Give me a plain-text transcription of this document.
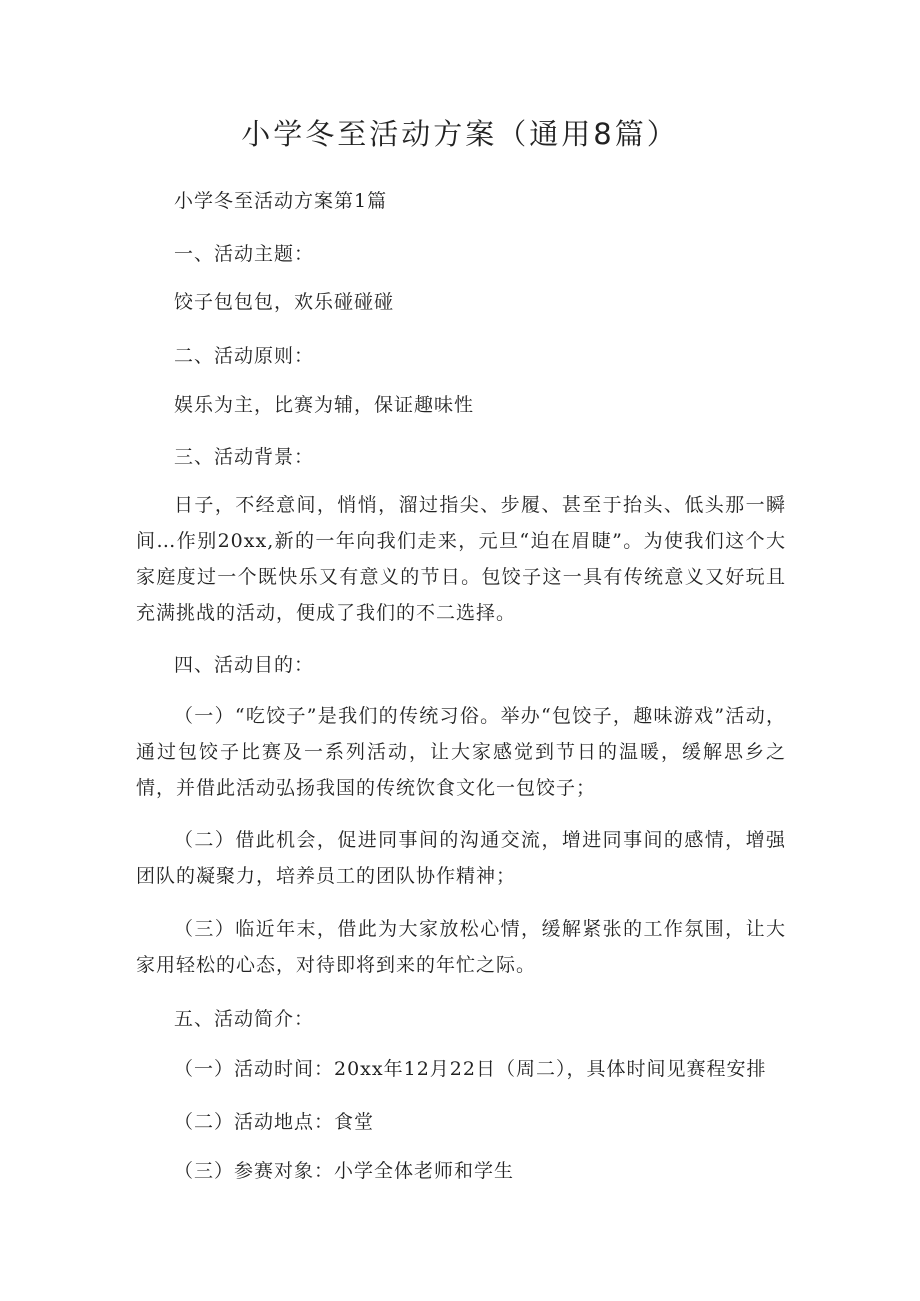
小学冬至活动方案（通用8篇）

小学冬至活动方案第1篇

一、活动主题：

饺子包包包，欢乐碰碰碰

二、活动原则：

娱乐为主，比赛为辅，保证趣味性

三、活动背景：

日子，不经意间，悄悄，溜过指尖、步履、甚至于抬头、低头那一瞬间…作别20xx,新的一年向我们走来，元旦“迫在眉睫”。为使我们这个大家庭度过一个既快乐又有意义的节日。包饺子这一具有传统意义又好玩且充满挑战的活动，便成了我们的不二选择。

四、活动目的：

（一）“吃饺子”是我们的传统习俗。举办“包饺子，趣味游戏”活动，通过包饺子比赛及一系列活动，让大家感觉到节日的温暖，缓解思乡之情，并借此活动弘扬我国的传统饮食文化一包饺子；

（二）借此机会，促进同事间的沟通交流，增进同事间的感情，增强团队的凝聚力，培养员工的团队协作精神；

（三）临近年末，借此为大家放松心情，缓解紧张的工作氛围，让大家用轻松的心态，对待即将到来的年忙之际。

五、活动简介：

（一）活动时间：20xx年12月22日（周二），具体时间见赛程安排

（二）活动地点：食堂

（三）参赛对象：小学全体老师和学生
